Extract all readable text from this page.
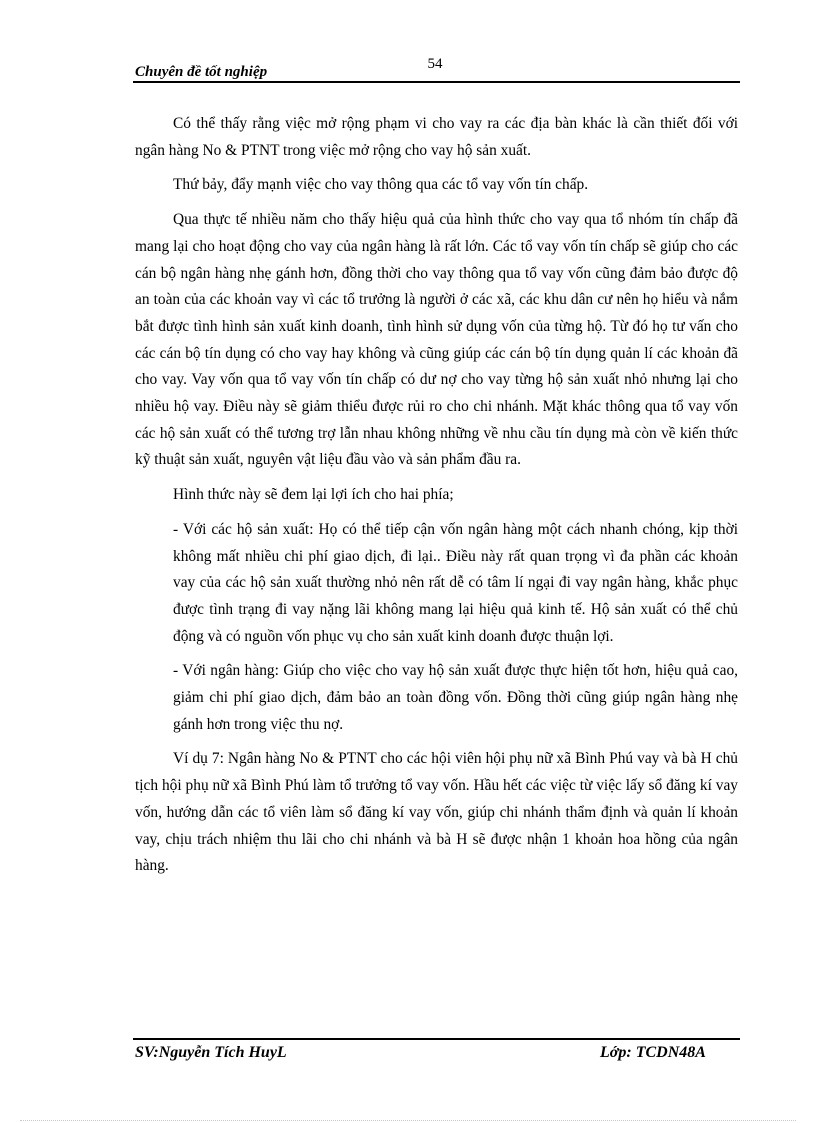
54
Chuyên đề tốt nghiệp

Có thể thấy rằng việc mở rộng phạm vi cho vay ra các địa bàn khác là cần thiết đối với ngân hàng No & PTNT trong việc mở rộng cho vay hộ sản xuất.

Thứ bảy, đẩy mạnh việc cho vay thông qua các tổ vay vốn tín chấp.

Qua thực tế nhiều năm cho thấy hiệu quả của hình thức cho vay qua tổ nhóm tín chấp đã mang lại cho hoạt động cho vay của ngân hàng là rất lớn. Các tổ vay vốn tín chấp sẽ giúp cho các cán bộ ngân hàng nhẹ gánh hơn, đồng thời cho vay thông qua tổ vay vốn cũng đảm bảo được độ an toàn của các khoản vay vì các tổ trưởng là người ở các xã, các khu dân cư nên họ hiểu và nắm bắt được tình hình sản xuất kinh doanh, tình hình sử dụng vốn của từng hộ. Từ đó họ tư vấn cho các cán bộ tín dụng có cho vay hay không và cũng giúp các cán bộ tín dụng quản lí các khoản đã cho vay. Vay vốn qua tổ vay vốn tín chấp có dư nợ cho vay từng hộ sản xuất nhỏ nhưng lại cho nhiều hộ vay. Điều này sẽ giảm thiểu được rủi ro cho chi nhánh. Mặt khác thông qua tổ vay vốn các hộ sản xuất có thể tương trợ lẫn nhau không những về nhu cầu tín dụng mà còn về kiến thức kỹ thuật sản xuất, nguyên vật liệu đầu vào và sản phẩm đầu ra.

Hình thức này sẽ đem lại lợi ích cho hai phía;

- Với các hộ sản xuất: Họ có thể tiếp cận vốn ngân hàng một cách nhanh chóng, kịp thời không mất nhiều chi phí giao dịch, đi lại.. Điều này rất quan trọng vì đa phần các khoản vay của các hộ sản xuất thường nhỏ nên rất dễ có tâm lí ngại đi vay ngân hàng, khắc phục được tình trạng đi vay nặng lãi không mang lại hiệu quả kinh tế. Hộ sản xuất có thể chủ động và có nguồn vốn phục vụ cho sản xuất kinh doanh được thuận lợi.

- Với ngân hàng: Giúp cho việc cho vay hộ sản xuất được thực hiện tốt hơn, hiệu quả cao, giảm chi phí giao dịch, đảm bảo an toàn đồng vốn. Đồng thời cũng giúp ngân hàng nhẹ gánh hơn trong việc thu nợ.

Ví dụ 7: Ngân hàng No & PTNT cho các hội viên hội phụ nữ xã Bình Phú vay và bà H chủ tịch hội phụ nữ xã Bình Phú làm tổ trưởng tổ vay vốn. Hầu hết các việc từ việc lấy sổ đăng kí vay vốn, hướng dẫn các tổ viên làm sổ đăng kí vay vốn, giúp chi nhánh thẩm định và quản lí khoản vay, chịu trách nhiệm thu lãi cho chi nhánh và bà H sẽ được nhận 1 khoản hoa hồng của ngân hàng.

SV:Nguyễn Tích HuyL	Lớp: TCDN48A
